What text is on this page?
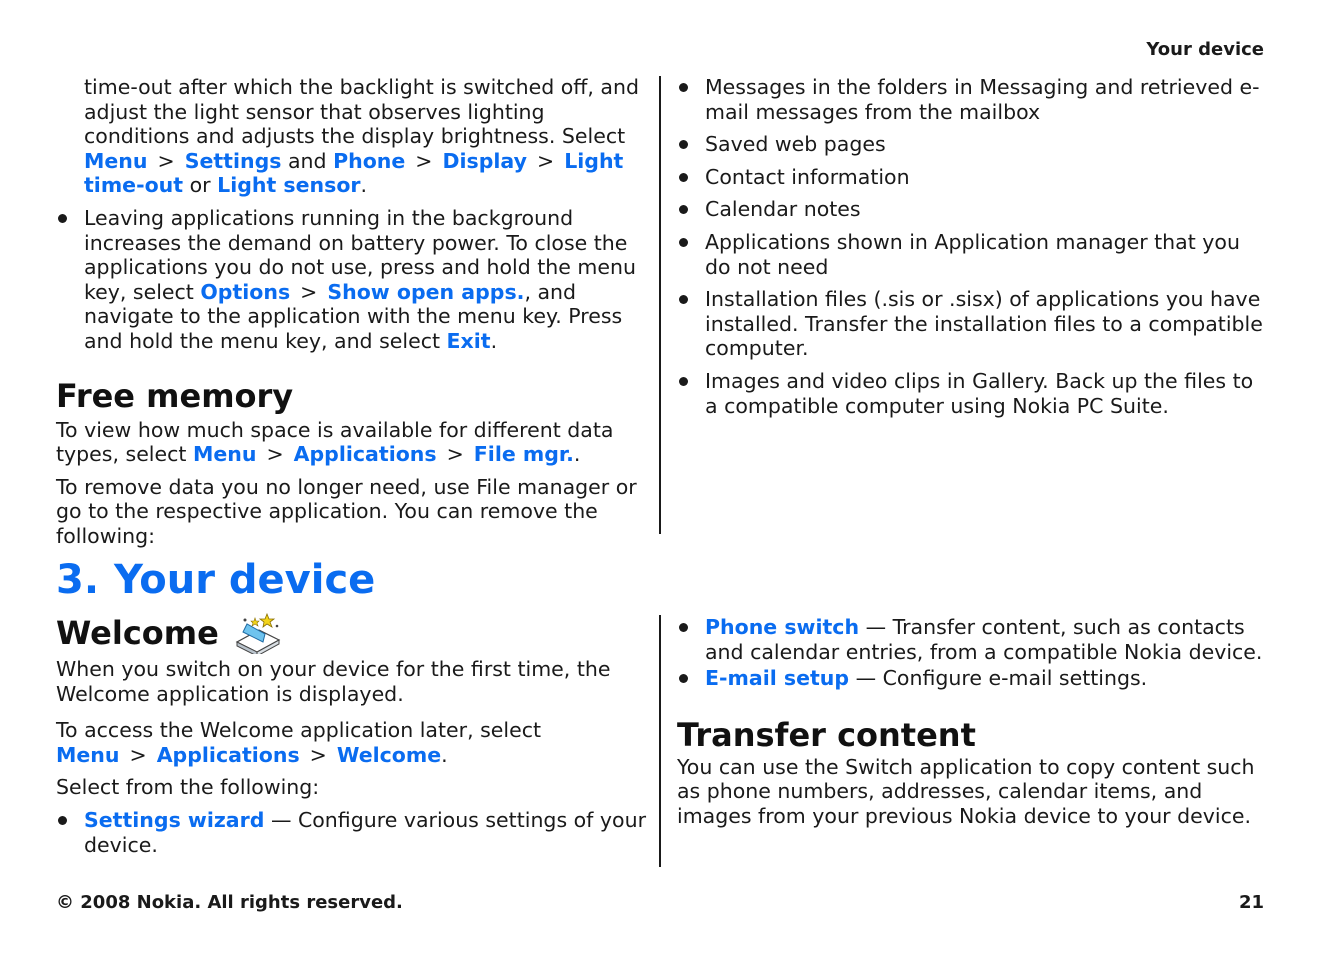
Your device

time-out after which the backlight is switched off, and adjust the light sensor that observes lighting conditions and adjusts the display brightness. Select Menu > Settings and Phone > Display > Light time-out or Light sensor.

Leaving applications running in the background increases the demand on battery power. To close the applications you do not use, press and hold the menu key, select Options > Show open apps., and navigate to the application with the menu key. Press and hold the menu key, and select Exit.

Free memory

To view how much space is available for different data types, select Menu > Applications > File mgr..

To remove data you no longer need, use File manager or go to the respective application. You can remove the following:

Messages in the folders in Messaging and retrieved e-mail messages from the mailbox

Saved web pages

Contact information

Calendar notes

Applications shown in Application manager that you do not need

Installation files (.sis or .sisx) of applications you have installed. Transfer the installation files to a compatible computer.

Images and video clips in Gallery. Back up the files to a compatible computer using Nokia PC Suite.

3. Your device
Welcome

When you switch on your device for the first time, the Welcome application is displayed.

To access the Welcome application later, select Menu > Applications > Welcome.

Select from the following:

Settings wizard — Configure various settings of your device.

Phone switch — Transfer content, such as contacts and calendar entries, from a compatible Nokia device.

E-mail setup — Configure e-mail settings.

Transfer content

You can use the Switch application to copy content such as phone numbers, addresses, calendar items, and images from your previous Nokia device to your device.

© 2008 Nokia. All rights reserved.	21
